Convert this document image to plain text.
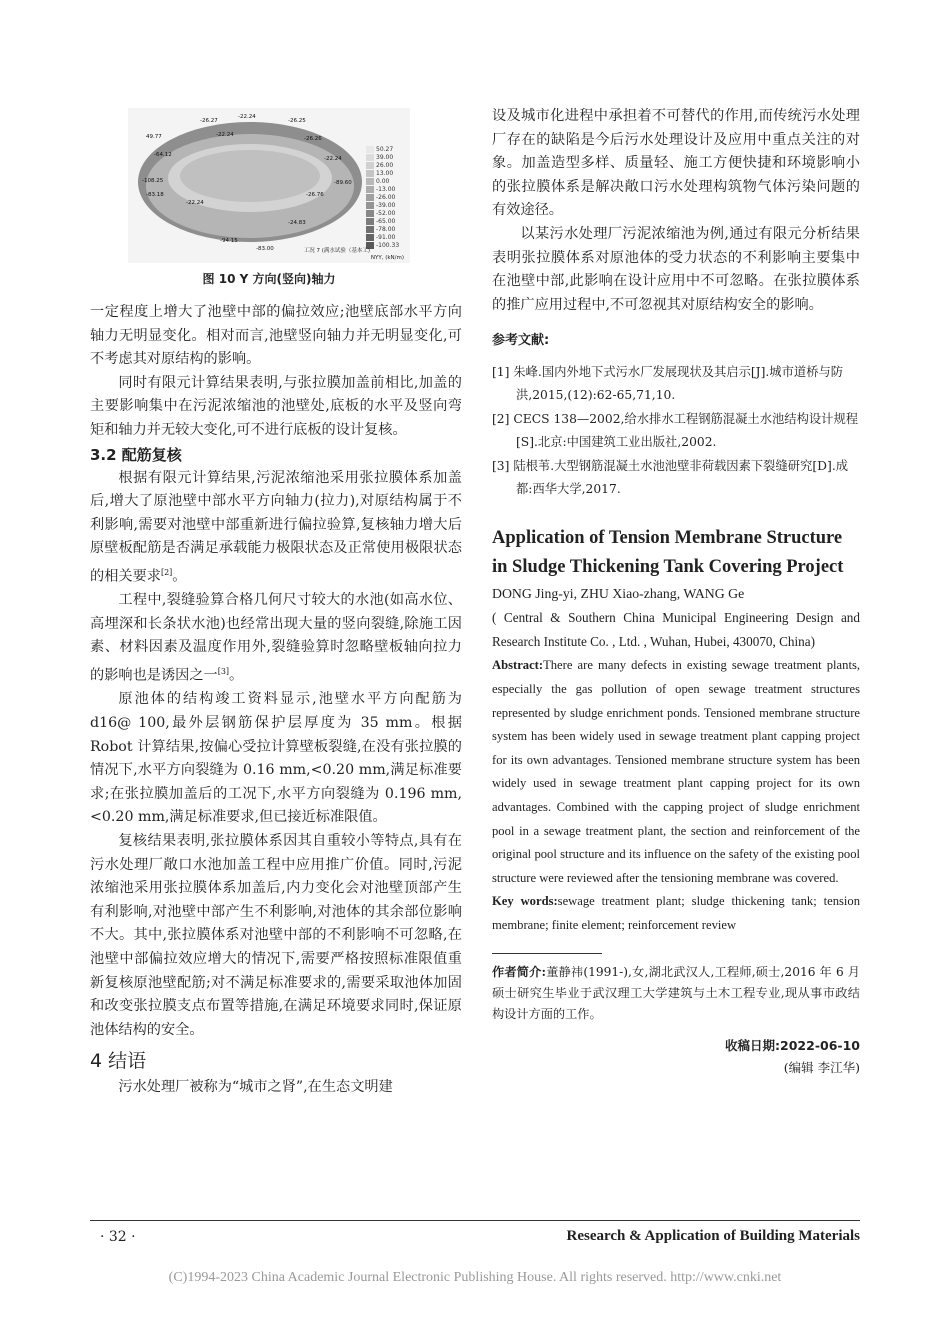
-26.27
-22.24
-26.25
-22.24
49.77
-64.12
-108.25
-83.18
-22.24
-94.15
-83.00
-24.83
-26.76
-89.60
-22.24
-26.26
50.27
39.00
26.00
13.00
0.00
-13.00
-26.00
-39.00
-52.00
-65.00
-78.00
-91.00
-100.33
NYY, (kN/m)
工况 7 (满水试验（基本工)
图 10 Y 方向(竖向)轴力

一定程度上增大了池壁中部的偏拉效应;池壁底部水平方向轴力无明显变化。相对而言,池壁竖向轴力并无明显变化,可不考虑其对原结构的影响。

同时有限元计算结果表明,与张拉膜加盖前相比,加盖的主要影响集中在污泥浓缩池的池壁处,底板的水平及竖向弯矩和轴力并无较大变化,可不进行底板的设计复核。

3.2 配筋复核

根据有限元计算结果,污泥浓缩池采用张拉膜体系加盖后,增大了原池壁中部水平方向轴力(拉力),对原结构属于不利影响,需要对池壁中部重新进行偏拉验算,复核轴力增大后原壁板配筋是否满足承载能力极限状态及正常使用极限状态的相关要求[2]。

工程中,裂缝验算合格几何尺寸较大的水池(如高水位、高埋深和长条状水池)也经常出现大量的竖向裂缝,除施工因素、材料因素及温度作用外,裂缝验算时忽略壁板轴向拉力的影响也是诱因之一[3]。

原池体的结构竣工资料显示,池壁水平方向配筋为 d16@ 100,最外层钢筋保护层厚度为 35 mm。根据 Robot 计算结果,按偏心受拉计算壁板裂缝,在没有张拉膜的情况下,水平方向裂缝为 0.16 mm,<0.20 mm,满足标准要求;在张拉膜加盖后的工况下,水平方向裂缝为 0.196 mm,<0.20 mm,满足标准要求,但已接近标准限值。

复核结果表明,张拉膜体系因其自重较小等特点,具有在污水处理厂敞口水池加盖工程中应用推广价值。同时,污泥浓缩池采用张拉膜体系加盖后,内力变化会对池壁顶部产生有利影响,对池壁中部产生不利影响,对池体的其余部位影响不大。其中,张拉膜体系对池壁中部的不利影响不可忽略,在池壁中部偏拉效应增大的情况下,需要严格按照标准限值重新复核原池壁配筋;对不满足标准要求的,需要采取池体加固和改变张拉膜支点布置等措施,在满足环境要求同时,保证原池体结构的安全。

4 结语

污水处理厂被称为“城市之肾”,在生态文明建

设及城市化进程中承担着不可替代的作用,而传统污水处理厂存在的缺陷是今后污水处理设计及应用中重点关注的对象。加盖造型多样、质量轻、施工方便快捷和环境影响小的张拉膜体系是解决敞口污水处理构筑物气体污染问题的有效途径。

以某污水处理厂污泥浓缩池为例,通过有限元分析结果表明张拉膜体系对原池体的受力状态的不利影响主要集中在池壁中部,此影响在设计应用中不可忽略。在张拉膜体系的推广应用过程中,不可忽视其对原结构安全的影响。

参考文献:

[1] 朱峰.国内外地下式污水厂发展现状及其启示[J].城市道桥与防洪,2015,(12):62-65,71,10.

[2] CECS 138—2002,给水排水工程钢筋混凝土水池结构设计规程[S].北京:中国建筑工业出版社,2002.

[3] 陆根苇.大型钢筋混凝土水池池壁非荷载因素下裂缝研究[D].成都:西华大学,2017.

Application of Tension Membrane Structure in Sludge Thickening Tank Covering Project

DONG Jing-yi, ZHU Xiao-zhang, WANG Ge

( Central & Southern China Municipal Engineering Design and Research Institute Co. , Ltd. , Wuhan, Hubei, 430070, China)

Abstract:There are many defects in existing sewage treatment plants, especially the gas pollution of open sewage treatment structures represented by sludge enrichment ponds. Tensioned membrane structure system has been widely used in sewage treatment plant capping project for its own advantages. Tensioned membrane structure system has been widely used in sewage treatment plant capping project for its own advantages. Combined with the capping project of sludge enrichment pool in a sewage treatment plant, the section and reinforcement of the original pool structure and its influence on the safety of the existing pool structure were reviewed after the tensioning membrane was covered.

Key words:sewage treatment plant; sludge thickening tank; tension membrane; finite element; reinforcement review

作者简介:董静祎(1991-),女,湖北武汉人,工程师,硕士,2016 年 6 月硕士研究生毕业于武汉理工大学建筑与土木工程专业,现从事市政结构设计方面的工作。

收稿日期:2022-06-10
(编辑 李江华)
· 32 ·	Research & Application of Building Materials
(C)1994-2023 China Academic Journal Electronic Publishing House. All rights reserved. http://www.cnki.net
